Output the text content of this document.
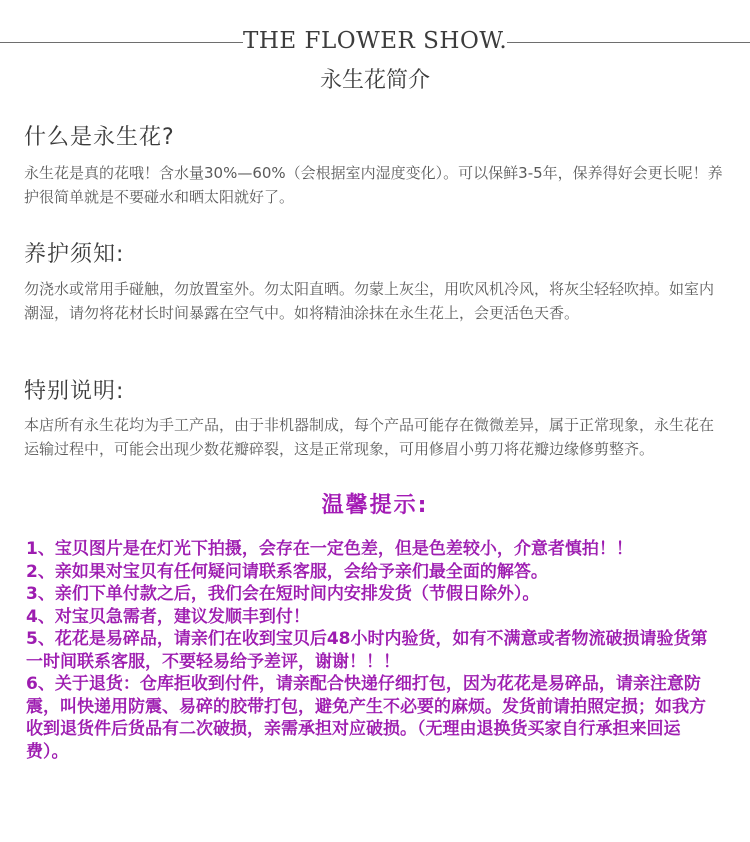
THE FLOWER SHOW.
永生花简介
什么是永生花?
永生花是真的花哦！含水量30%—60%（会根据室内湿度变化）。可以保鲜3-5年，保养得好会更长呢！养护很简单就是不要碰水和晒太阳就好了。
养护须知:
勿浇水或常用手碰触，勿放置室外。勿太阳直晒。勿蒙上灰尘，用吹风机冷风，将灰尘轻轻吹掉。如室内潮湿，请勿将花材长时间暴露在空气中。如将精油涂抹在永生花上，会更活色天香。
特别说明:
本店所有永生花均为手工产品，由于非机器制成，每个产品可能存在微微差异，属于正常现象，永生花在运输过程中，可能会出现少数花瓣碎裂，这是正常现象，可用修眉小剪刀将花瓣边缘修剪整齐。
温馨提示:
1、宝贝图片是在灯光下拍摄，会存在一定色差，但是色差较小，介意者慎拍！！
2、亲如果对宝贝有任何疑问请联系客服，会给予亲们最全面的解答。
3、亲们下单付款之后，我们会在短时间内安排发货（节假日除外）。
4、对宝贝急需者，建议发顺丰到付！
5、花花是易碎品，请亲们在收到宝贝后48小时内验货，如有不满意或者物流破损请验货第一时间联系客服，不要轻易给予差评，谢谢！！！
6、关于退货：仓库拒收到付件，请亲配合快递仔细打包，因为花花是易碎品，请亲注意防震，叫快递用防震、易碎的胶带打包，避免产生不必要的麻烦。发货前请拍照定损；如我方收到退货件后货品有二次破损，亲需承担对应破损。（无理由退换货买家自行承担来回运费）。
